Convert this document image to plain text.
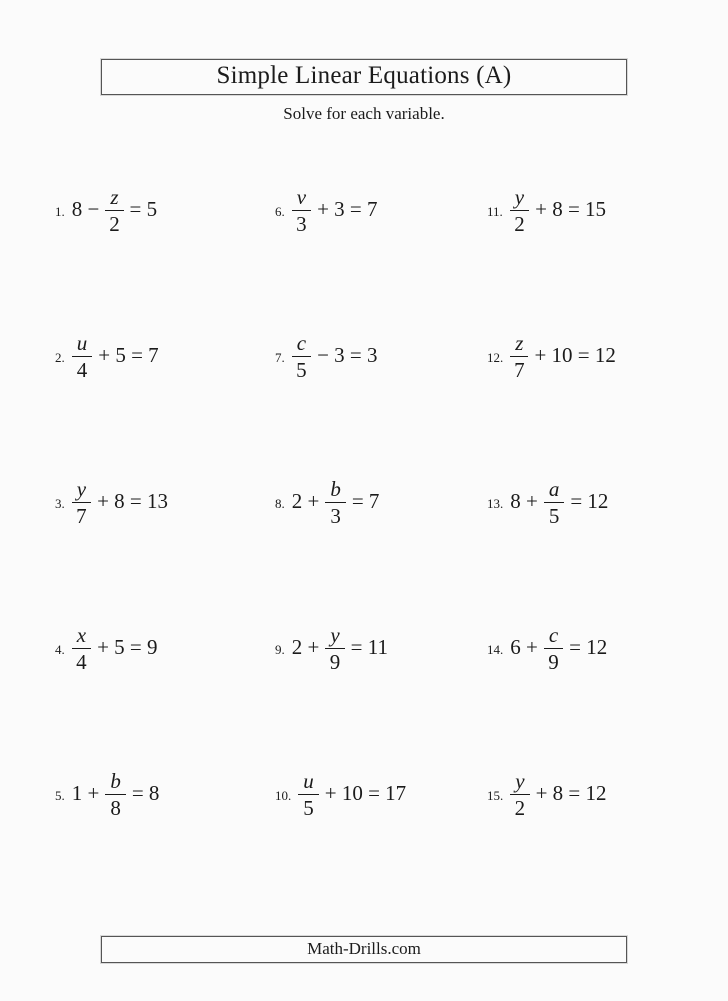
Simple Linear Equations (A)
Solve for each variable.
1. $8 - \frac{z}{2} = 5$	6. $\frac{v}{3} + 3 = 7$	11. $\frac{y}{2} + 8 = 15$
2. $\frac{u}{4} + 5 = 7$	7. $\frac{c}{5} - 3 = 3$	12. $\frac{z}{7} + 10 = 12$
3. $\frac{y}{7} + 8 = 13$	8. $2 + \frac{b}{3} = 7$	13. $8 + \frac{a}{5} = 12$
4. $\frac{x}{4} + 5 = 9$	9. $2 + \frac{y}{9} = 11$	14. $6 + \frac{c}{9} = 12$
5. $1 + \frac{b}{8} = 8$	10. $\frac{u}{5} + 10 = 17$	15. $\frac{y}{2} + 8 = 12$
Math-Drills.com
